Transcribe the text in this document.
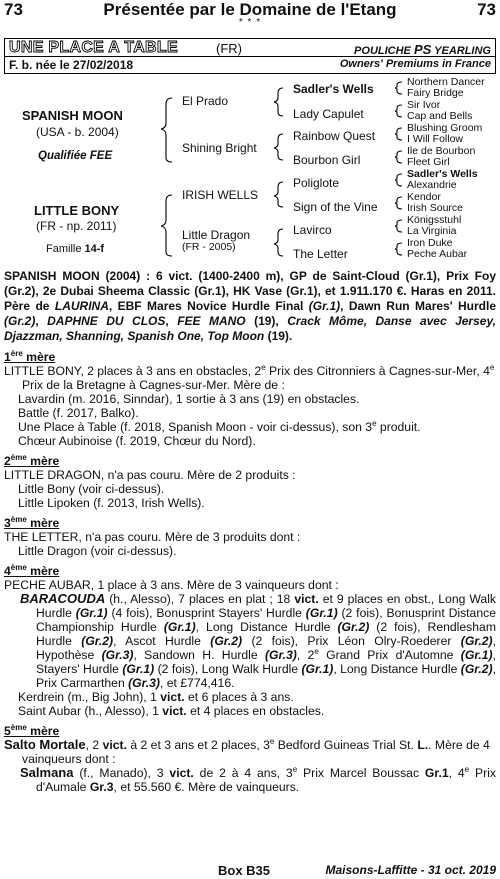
73	Présentée par le Domaine de l'Etang	73
* * *
UNE PLACE A TABLE	(FR)	POULICHE PS YEARLING
F. b. née le 27/02/2018	Owners' Premiums in France
SPANISH MOON
(USA - b. 2004)
Qualifiée FEE
LITTLE BONY
(FR - np. 2011)
Famille 14-f
El Prado
Shining Bright
IRISH WELLS
Little Dragon
(FR - 2005)
Sadler's Wells
Lady Capulet
Rainbow Quest
Bourbon Girl
Poliglote
Sign of the Vine
Lavirco
The Letter
Northern Dancer
Fairy Bridge
Sir Ivor
Cap and Bells
Blushing Groom
I Will Follow
Ile de Bourbon
Fleet Girl
Sadler's Wells
Alexandrie
Kendor
Irish Source
Königsstuhl
La Virginia
Iron Duke
Peche Aubar

SPANISH MOON (2004) : 6 vict. (1400-2400 m), GP de Saint-Cloud (Gr.1), Prix Foy (Gr.2), 2e Dubai Sheema Classic (Gr.1), HK Vase (Gr.1), et 1.911.170 €. Haras en 2011. Père de LAURINA, EBF Mares Novice Hurdle Final (Gr.1), Dawn Run Mares' Hurdle (Gr.2), DAPHNE DU CLOS, FEE MANO (19), Crack Môme, Danse avec Jersey, Djazzman, Shanning, Spanish One, Top Moon (19).

1ère mère

LITTLE BONY, 2 places à 3 ans en obstacles, 2e Prix des Citronniers à Cagnes-sur-Mer, 4e Prix de la Bretagne à Cagnes-sur-Mer. Mère de :

Lavardin (m. 2016, Sinndar), 1 sortie à 3 ans (19) en obstacles.

Battle (f. 2017, Balko).

Une Place à Table (f. 2018, Spanish Moon - voir ci-dessus), son 3e produit.

Chœur Aubinoise (f. 2019, Chœur du Nord).

2ème mère

LITTLE DRAGON, n'a pas couru. Mère de 2 produits :

Little Bony (voir ci-dessus).

Little Lipoken (f. 2013, Irish Wells).

3ème mère

THE LETTER, n'a pas couru. Mère de 3 produits dont :

Little Dragon (voir ci-dessus).

4ème mère

PECHE AUBAR, 1 place à 3 ans. Mère de 3 vainqueurs dont :

BARACOUDA (h., Alesso), 7 places en plat ; 18 vict. et 9 places en obst., Long Walk Hurdle (Gr.1) (4 fois), Bonusprint Stayers' Hurdle (Gr.1) (2 fois), Bonusprint Distance Championship Hurdle (Gr.1), Long Distance Hurdle (Gr.2) (2 fois), Rendlesham Hurdle (Gr.2), Ascot Hurdle (Gr.2) (2 fois), Prix Léon Olry-Roederer (Gr.2), Hypothèse (Gr.3), Sandown H. Hurdle (Gr.3), 2e Grand Prix d'Automne (Gr.1), Stayers' Hurdle (Gr.1) (2 fois), Long Walk Hurdle (Gr.1), Long Distance Hurdle (Gr.2), Prix Carmarthen (Gr.3), et £774,416.

Kerdrein (m., Big John), 1 vict. et 6 places à 3 ans.

Saint Aubar (h., Alesso), 1 vict. et 4 places en obstacles.

5ème mère

Salto Mortale, 2 vict. à 2 et 3 ans et 2 places, 3e Bedford Guineas Trial St. L.. Mère de 4 vainqueurs dont :

Salmana (f., Manado), 3 vict. de 2 à 4 ans, 3e Prix Marcel Boussac Gr.1, 4e Prix d'Aumale Gr.3, et 55.560 €. Mère de vainqueurs.

Box B35	Maisons-Laffitte - 31 oct. 2019
